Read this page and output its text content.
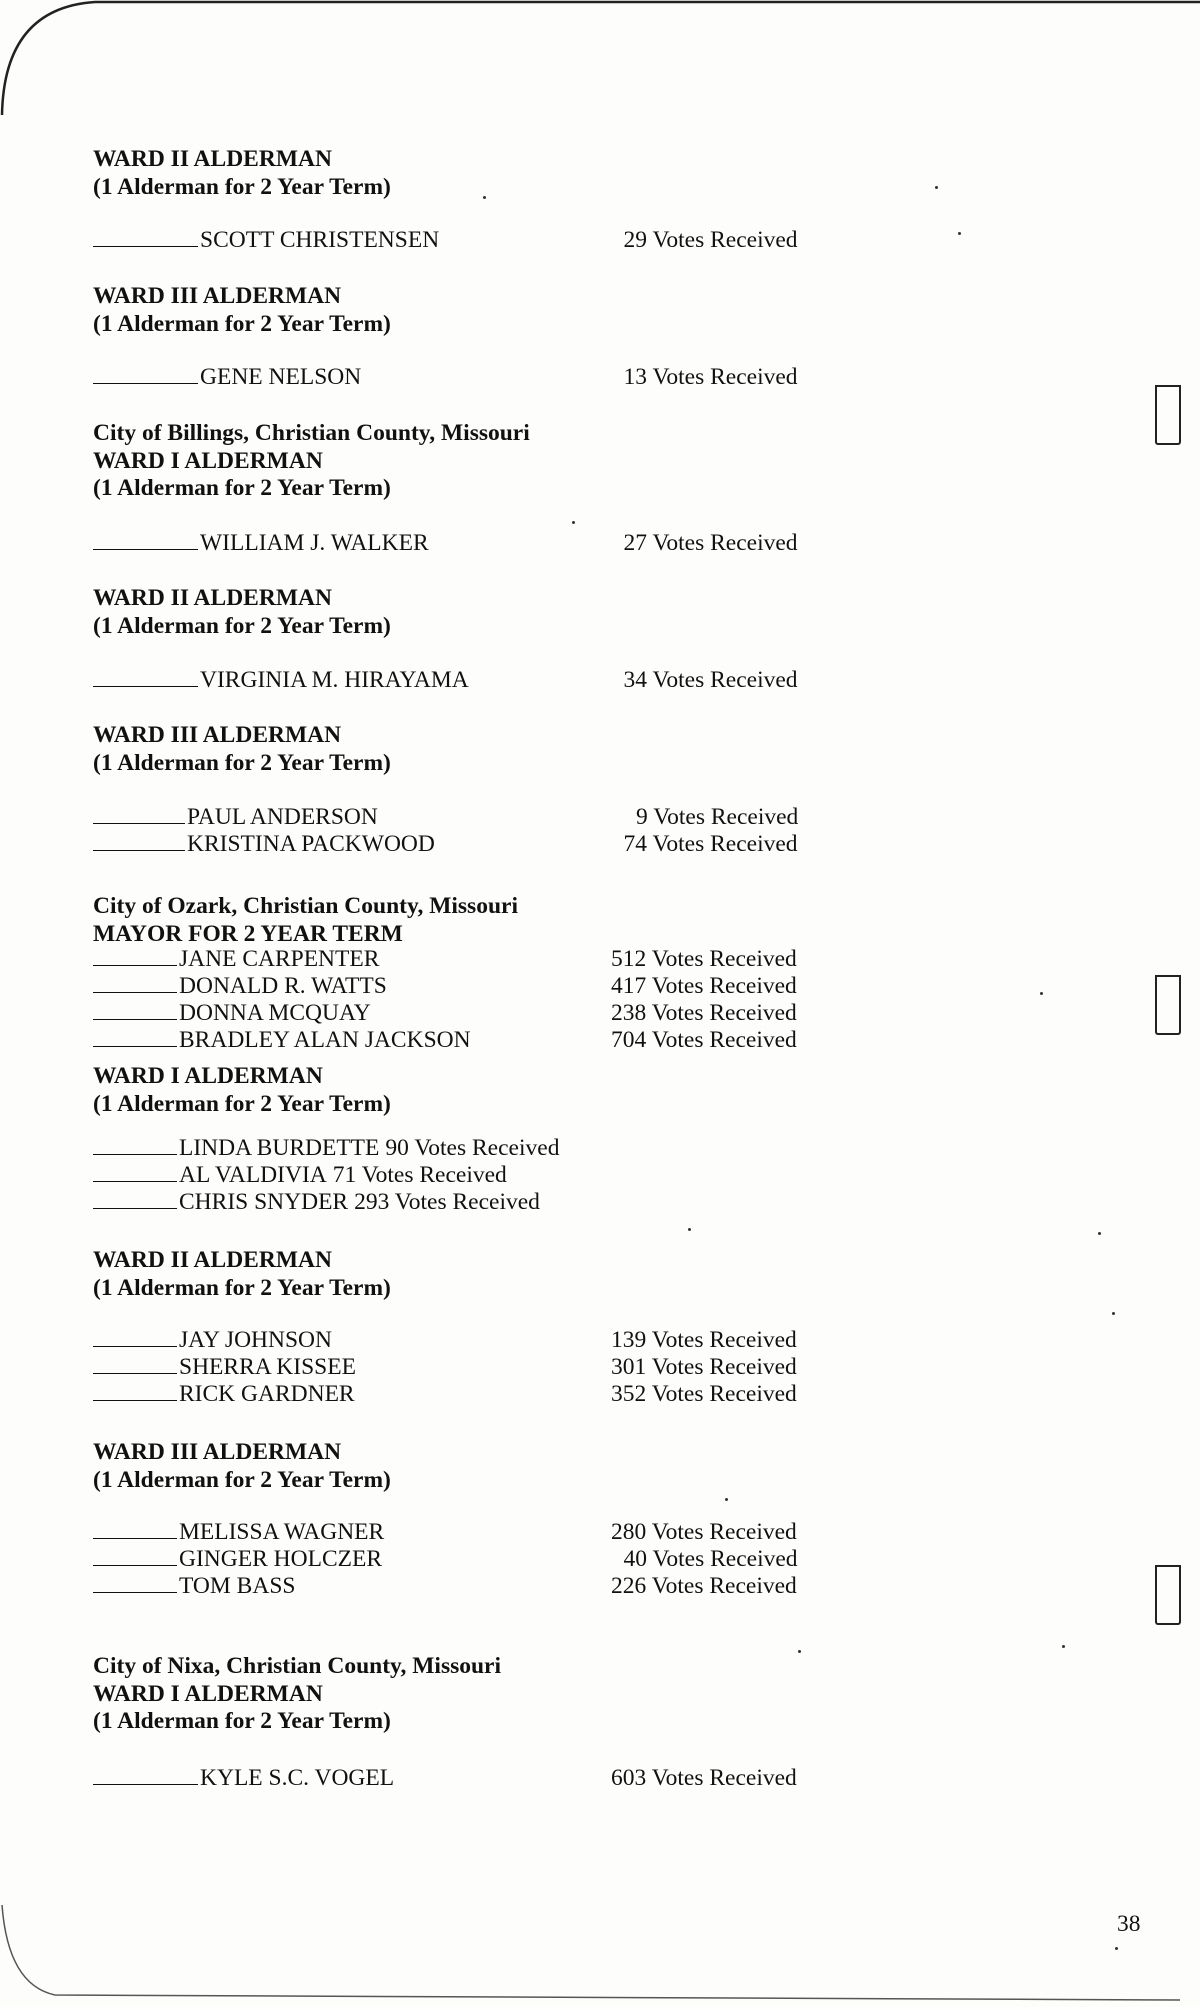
WARD II ALDERMAN
(1 Alderman for 2 Year Term)
SCOTT CHRISTENSEN	29 Votes Received
WARD III ALDERMAN
(1 Alderman for 2 Year Term)
GENE NELSON	13 Votes Received
City of Billings, Christian County, Missouri
WARD I ALDERMAN
(1 Alderman for 2 Year Term)
WILLIAM J. WALKER	27 Votes Received
WARD II ALDERMAN
(1 Alderman for 2 Year Term)
VIRGINIA M. HIRAYAMA	34 Votes Received
WARD III ALDERMAN
(1 Alderman for 2 Year Term)
PAUL ANDERSON	9 Votes Received
KRISTINA PACKWOOD	74 Votes Received
City of Ozark, Christian County, Missouri
MAYOR FOR 2 YEAR TERM
JANE CARPENTER	512 Votes Received
DONALD R. WATTS	417 Votes Received
DONNA MCQUAY	238 Votes Received
BRADLEY ALAN JACKSON	704 Votes Received
WARD I ALDERMAN
(1 Alderman for 2 Year Term)
LINDA BURDETTE 90 Votes Received
AL VALDIVIA 71 Votes Received
CHRIS SNYDER 293 Votes Received
WARD II ALDERMAN
(1 Alderman for 2 Year Term)
JAY JOHNSON	139 Votes Received
SHERRA KISSEE	301 Votes Received
RICK GARDNER	352 Votes Received
WARD III ALDERMAN
(1 Alderman for 2 Year Term)
MELISSA WAGNER	280 Votes Received
GINGER HOLCZER	40 Votes Received
TOM BASS	226 Votes Received
City of Nixa, Christian County, Missouri
WARD I ALDERMAN
(1 Alderman for 2 Year Term)
KYLE S.C. VOGEL	603 Votes Received
38
